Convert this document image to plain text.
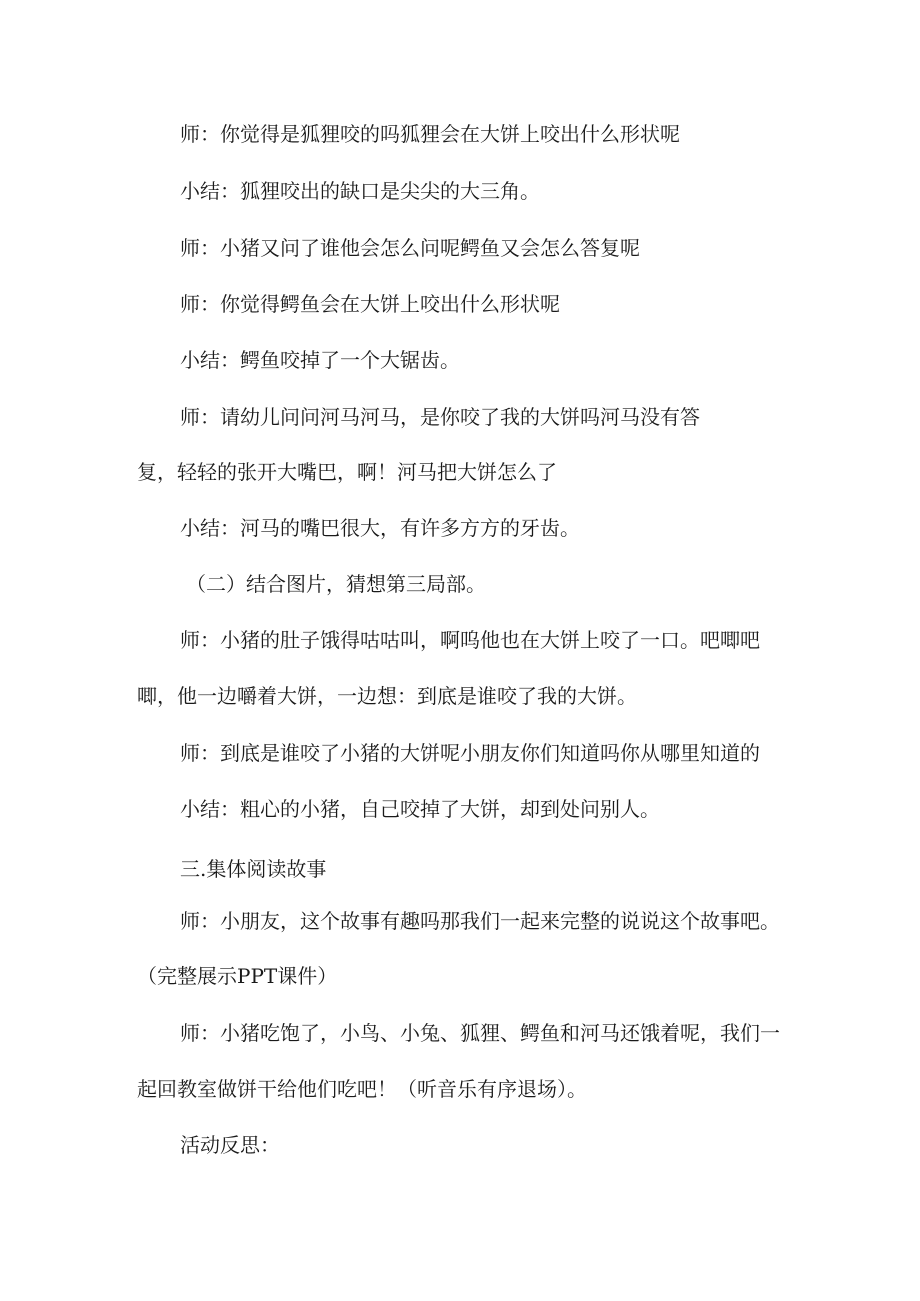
师：你觉得是狐狸咬的吗狐狸会在大饼上咬出什么形状呢
小结：狐狸咬出的缺口是尖尖的大三角。
师：小猪又问了谁他会怎么问呢鳄鱼又会怎么答复呢
师：你觉得鳄鱼会在大饼上咬出什么形状呢
小结：鳄鱼咬掉了一个大锯齿。
师：请幼儿问问河马河马，是你咬了我的大饼吗河马没有答
复，轻轻的张开大嘴巴，啊！河马把大饼怎么了
小结：河马的嘴巴很大，有许多方方的牙齿。
（二）结合图片，猜想第三局部。
师：小猪的肚子饿得咕咕叫，啊呜他也在大饼上咬了一口。吧唧吧
唧，他一边嚼着大饼，一边想：到底是谁咬了我的大饼。
师：到底是谁咬了小猪的大饼呢小朋友你们知道吗你从哪里知道的
小结：粗心的小猪，自己咬掉了大饼，却到处问别人。
三.集体阅读故事
师：小朋友，这个故事有趣吗那我们一起来完整的说说这个故事吧。
（完整展示PPT课件）
师：小猪吃饱了，小鸟、小兔、狐狸、鳄鱼和河马还饿着呢，我们一
起回教室做饼干给他们吃吧！（听音乐有序退场）。
活动反思：
